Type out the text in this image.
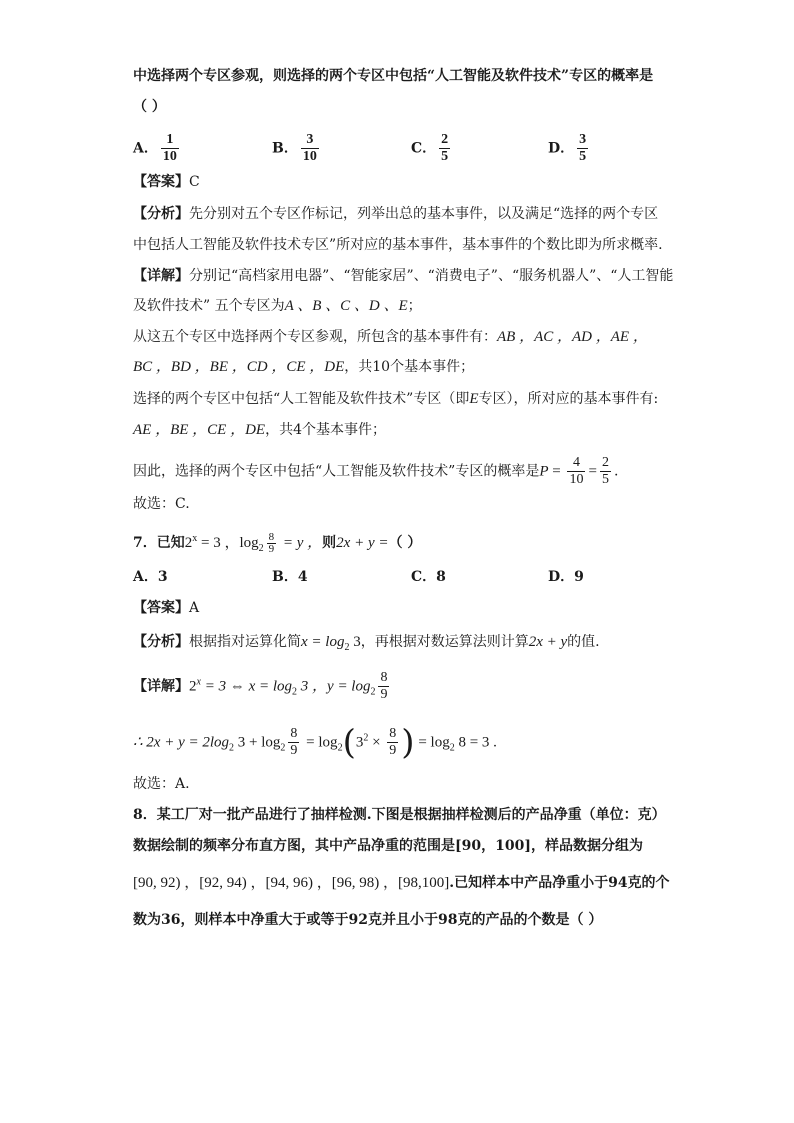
中选择两个专区参观，则选择的两个专区中包括“人工智能及软件技术”专区的概率是
（ ）
A． $\frac{1}{10}$	B． $\frac{3}{10}$	C． $\frac{2}{5}$	D． $\frac{3}{5}$
【答案】C
【分析】先分别对五个专区作标记，列举出总的基本事件，以及满足“选择的两个专区
中包括人工智能及软件技术专区”所对应的基本事件，基本事件的个数比即为所求概率.
【详解】分别记“高档家用电器”、“智能家居”、“消费电子”、“服务机器人”、“人工智能
及软件技术” 五个专区为A 、B 、C 、D 、E；
从这五个专区中选择两个专区参观，所包含的基本事件有：AB ，AC ，AD ，AE ，
BC ，BD ，BE ，CD ，CE ，DE，共10个基本事件；
选择的两个专区中包括“人工智能及软件技术”专区（即E专区），所对应的基本事件有:
AE ，BE ，CE ，DE，共4个基本事件；
因此，选择的两个专区中包括“人工智能及软件技术”专区的概率是$P = \frac{4}{10} = \frac{2}{5}$ .
故选：C.
7．已知$2^x = 3$ ，$\log_2 \frac{8}{9} = y$ ，则2x + y =（ ）
A．3	B．4	C．8	D．9
【答案】A
【分析】根据指对运算化简$x = \log_2 3$，再根据对数运算法则计算2x + y的值.
【详解】$2^x = 3$ ⇔ $x = \log_2 3$ ，$y = \log_2 \frac{8}{9}$
∴ $2x + y = 2\log_2$ $3 + \log_2 \frac{8}{9} = \log_2(3^2 \times \frac{8}{9}$ ) = $\log_2 8 = 3$ .
故选：A.
8．某工厂对一批产品进行了抽样检测.下图是根据抽样检测后的产品净重（单位：克）
数据绘制的频率分布直方图，其中产品净重的范围是[90，100]，样品数据分组为
[90, 92) ，[92, 94) ，[94, 96) ，[96, 98) ，[98,100].已知样本中产品净重小于94克的个
数为36，则样本中净重大于或等于92克并且小于98克的产品的个数是（ ）
